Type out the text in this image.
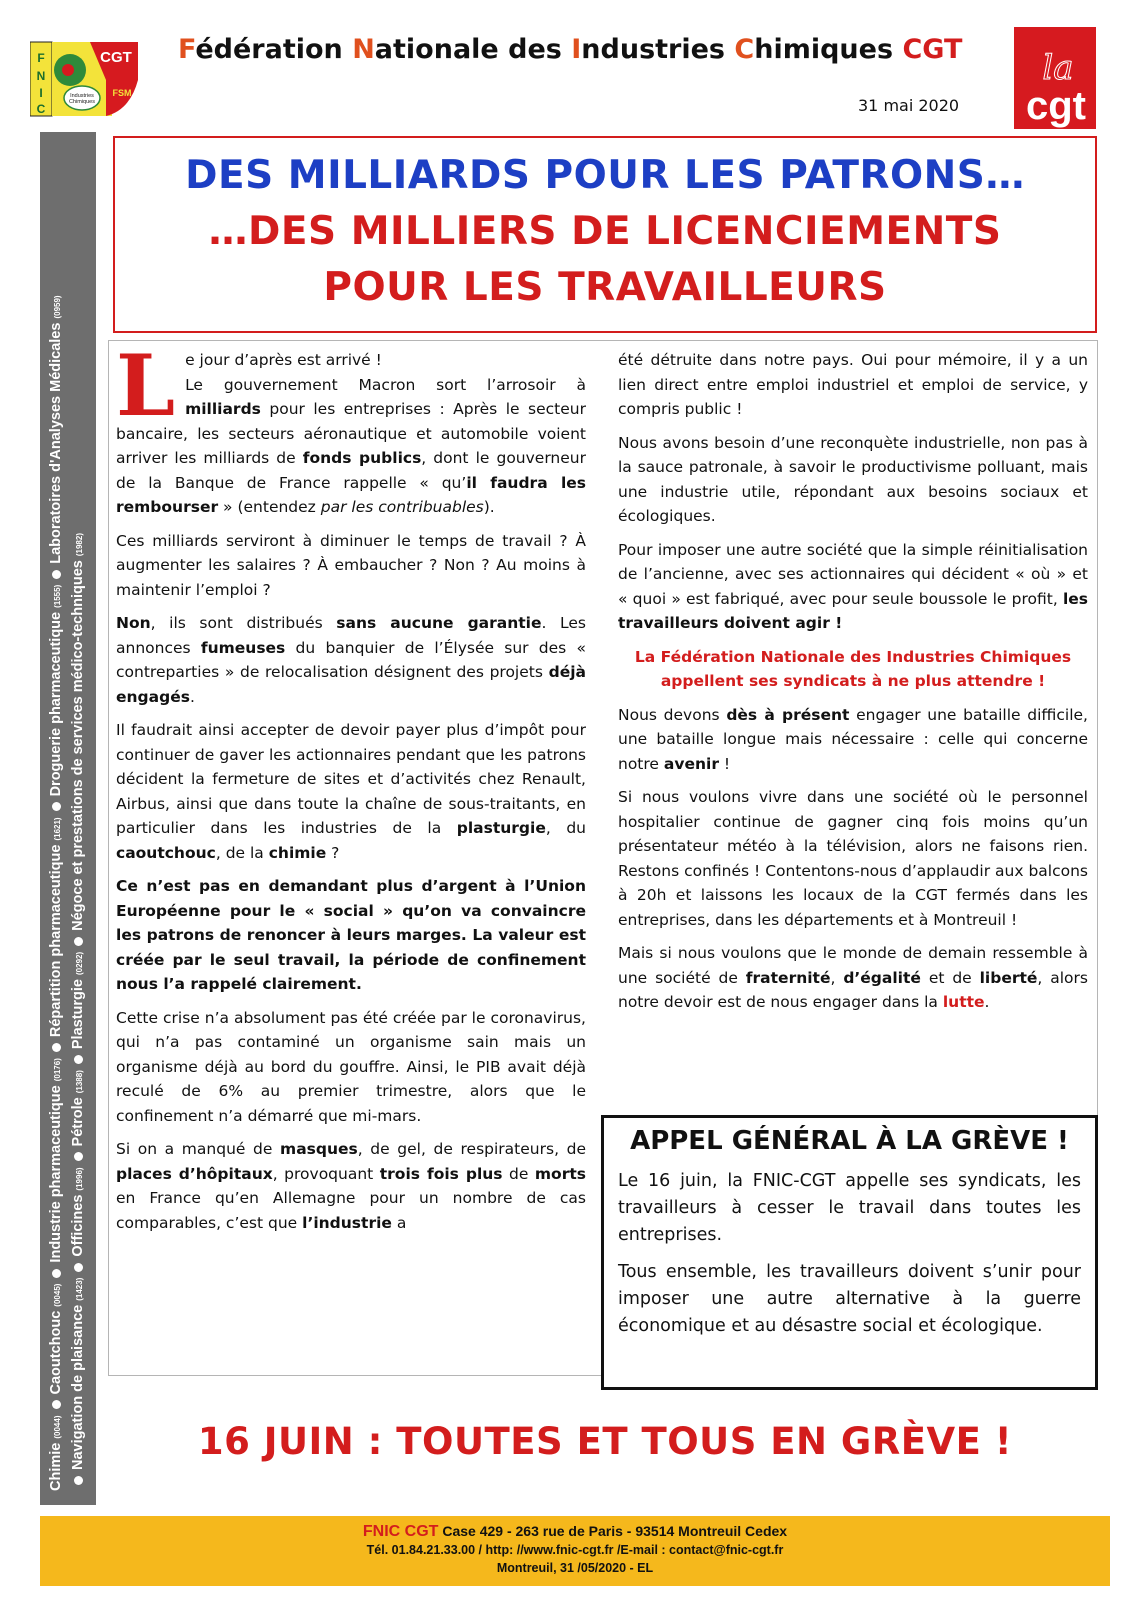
F
N
I
C
Industries
Chimiques
CGT
FSM
Fédération Nationale des Industries Chimiques CGT
31 mai 2020
la
cgt
Chimie (0044)Caoutchouc (0045)Industrie pharmaceutique (0176)Répartition pharmaceutique (1621)Droguerie pharmaceutique (1555)Laboratoires d'Analyses Médicales (0959)
Navigation de plaisance (1423)Officines (1996)Pétrole (1388)Plasturgie (0292)Négoce et prestations de services médico-techniques (1982)
DES MILLIARDS POUR LES PATRONS…
…DES MILLIERS DE LICENCIEMENTS
POUR LES TRAVAILLEURS

Le jour d’après est arrivé !
Le gouvernement Macron sort l’arrosoir à milliards pour les entreprises : Après le secteur bancaire, les secteurs aéronautique et automobile voient arriver les milliards de fonds publics, dont le gouverneur de la Banque de France rappelle « qu’il faudra les rembourser » (entendez par les contribuables).

Ces milliards serviront à diminuer le temps de travail ? À augmenter les salaires ? À embaucher ? Non ? Au moins à maintenir l’emploi ?

Non, ils sont distribués sans aucune garantie. Les annonces fumeuses du banquier de l’Élysée sur des « contreparties » de relocalisation désignent des projets déjà engagés.

Il faudrait ainsi accepter de devoir payer plus d’impôt pour continuer de gaver les actionnaires pendant que les patrons décident la fermeture de sites et d’activités chez Renault, Airbus, ainsi que dans toute la chaîne de sous-traitants, en particulier dans les industries de la plasturgie, du caoutchouc, de la chimie ?

Ce n’est pas en demandant plus d’argent à l’Union Européenne pour le « social » qu’on va convaincre les patrons de renoncer à leurs marges. La valeur est créée par le seul travail, la période de confinement nous l’a rappelé clairement.

Cette crise n’a absolument pas été créée par le coronavirus, qui n’a pas contaminé un organisme sain mais un organisme déjà au bord du gouffre. Ainsi, le PIB avait déjà reculé de 6% au premier trimestre, alors que le confinement n’a démarré que mi-mars.

Si on a manqué de masques, de gel, de respirateurs, de places d’hôpitaux, provoquant trois fois plus de morts en France qu’en Allemagne pour un nombre de cas comparables, c’est que l’industrie a

été détruite dans notre pays. Oui pour mémoire, il y a un lien direct entre emploi industriel et emploi de service, y compris public !

Nous avons besoin d’une reconquète industrielle, non pas à la sauce patronale, à savoir le productivisme polluant, mais une industrie utile, répondant aux besoins sociaux et écologiques.

Pour imposer une autre société que la simple réinitialisation de l’ancienne, avec ses actionnaires qui décident « où » et « quoi » est fabriqué, avec pour seule boussole le profit, les travailleurs doivent agir !

La Fédération Nationale des Industries Chimiques appellent ses syndicats à ne plus attendre !

Nous devons dès à présent engager une bataille difficile, une bataille longue mais nécessaire : celle qui concerne notre avenir !

Si nous voulons vivre dans une société où le personnel hospitalier continue de gagner cinq fois moins qu’un présentateur météo à la télévision, alors ne faisons rien. Restons confinés ! Contentons-nous d’applaudir aux balcons à 20h et laissons les locaux de la CGT fermés dans les entreprises, dans les départements et à Montreuil !

Mais si nous voulons que le monde de demain ressemble à une société de fraternité, d’égalité et de liberté, alors notre devoir est de nous engager dans la lutte.

APPEL GÉNÉRAL À LA GRÈVE !

Le 16 juin, la FNIC-CGT appelle ses syndicats, les travailleurs à cesser le travail dans toutes les entreprises.

Tous ensemble, les travailleurs doivent s’unir pour imposer une autre alternative à la guerre économique et au désastre social et écologique.

16 JUIN : TOUTES ET TOUS EN GRÈVE !
FNIC CGT Case 429 - 263 rue de Paris - 93514 Montreuil Cedex
Tél. 01.84.21.33.00 / http: //www.fnic-cgt.fr /E-mail : contact@fnic-cgt.fr
Montreuil, 31 /05/2020 - EL
